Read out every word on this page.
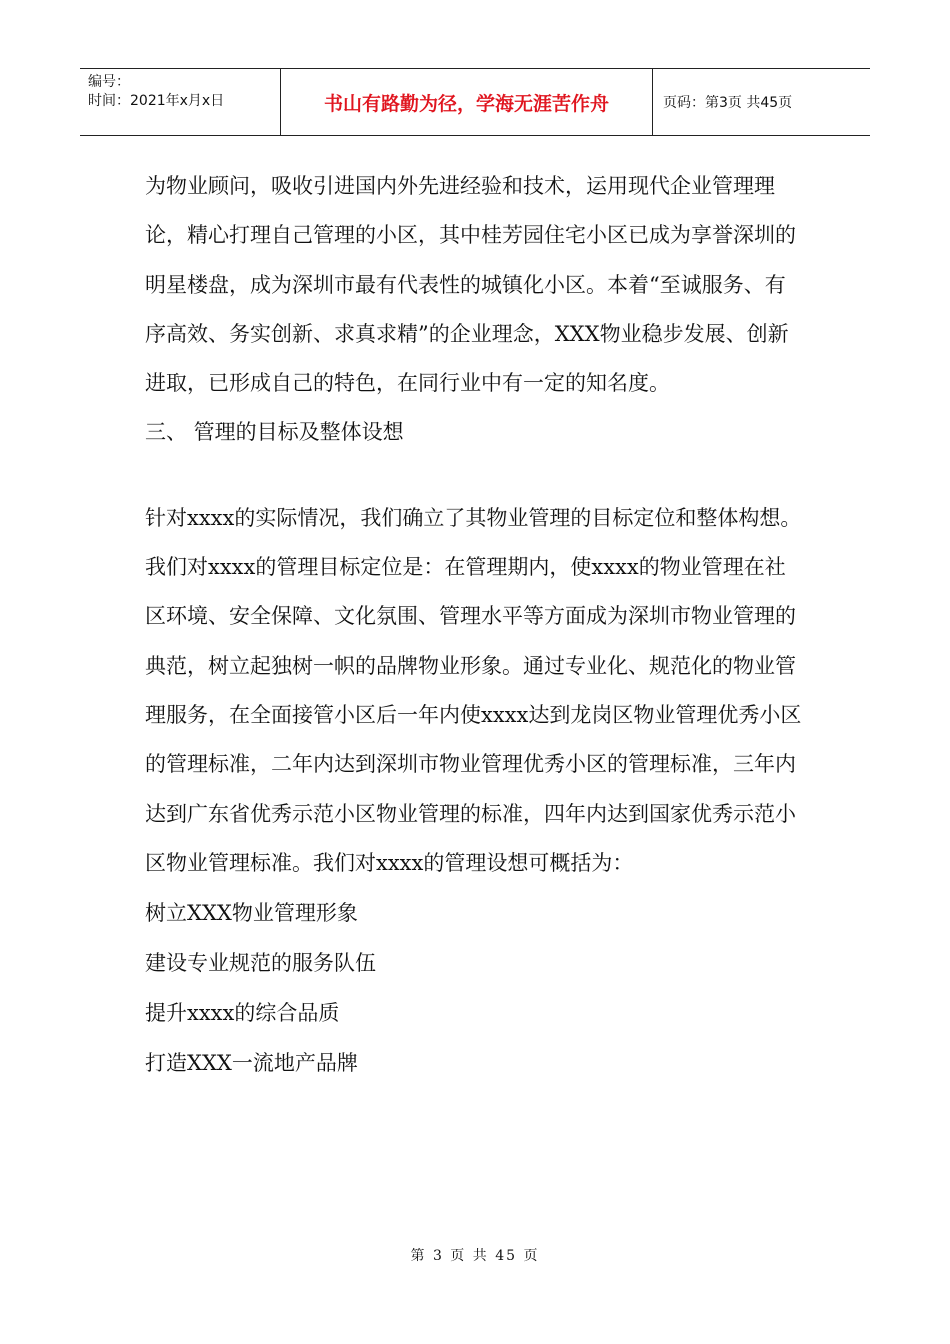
编号：
时间：2021年x月x日	书山有路勤为径，学海无涯苦作舟	页码：第3页 共45页

为物业顾问，吸收引进国内外先进经验和技术，运用现代企业管理理论，精心打理自己管理的小区，其中桂芳园住宅小区已成为享誉深圳的明星楼盘，成为深圳市最有代表性的城镇化小区。本着“至诚服务、有序高效、务实创新、求真求精”的企业理念，XXX物业稳步发展、创新进取，已形成自己的特色，在同行业中有一定的知名度。

三、 管理的目标及整体设想

针对xxxx的实际情况，我们确立了其物业管理的目标定位和整体构想。我们对xxxx的管理目标定位是：在管理期内，使xxxx的物业管理在社区环境、安全保障、文化氛围、管理水平等方面成为深圳市物业管理的典范，树立起独树一帜的品牌物业形象。通过专业化、规范化的物业管理服务，在全面接管小区后一年内使xxxx达到龙岗区物业管理优秀小区的管理标准，二年内达到深圳市物业管理优秀小区的管理标准，三年内达到广东省优秀示范小区物业管理的标准，四年内达到国家优秀示范小区物业管理标准。我们对xxxx的管理设想可概括为：

树立XXX物业管理形象

建设专业规范的服务队伍

提升xxxx的综合品质

打造XXX一流地产品牌

第 3 页 共 45 页
